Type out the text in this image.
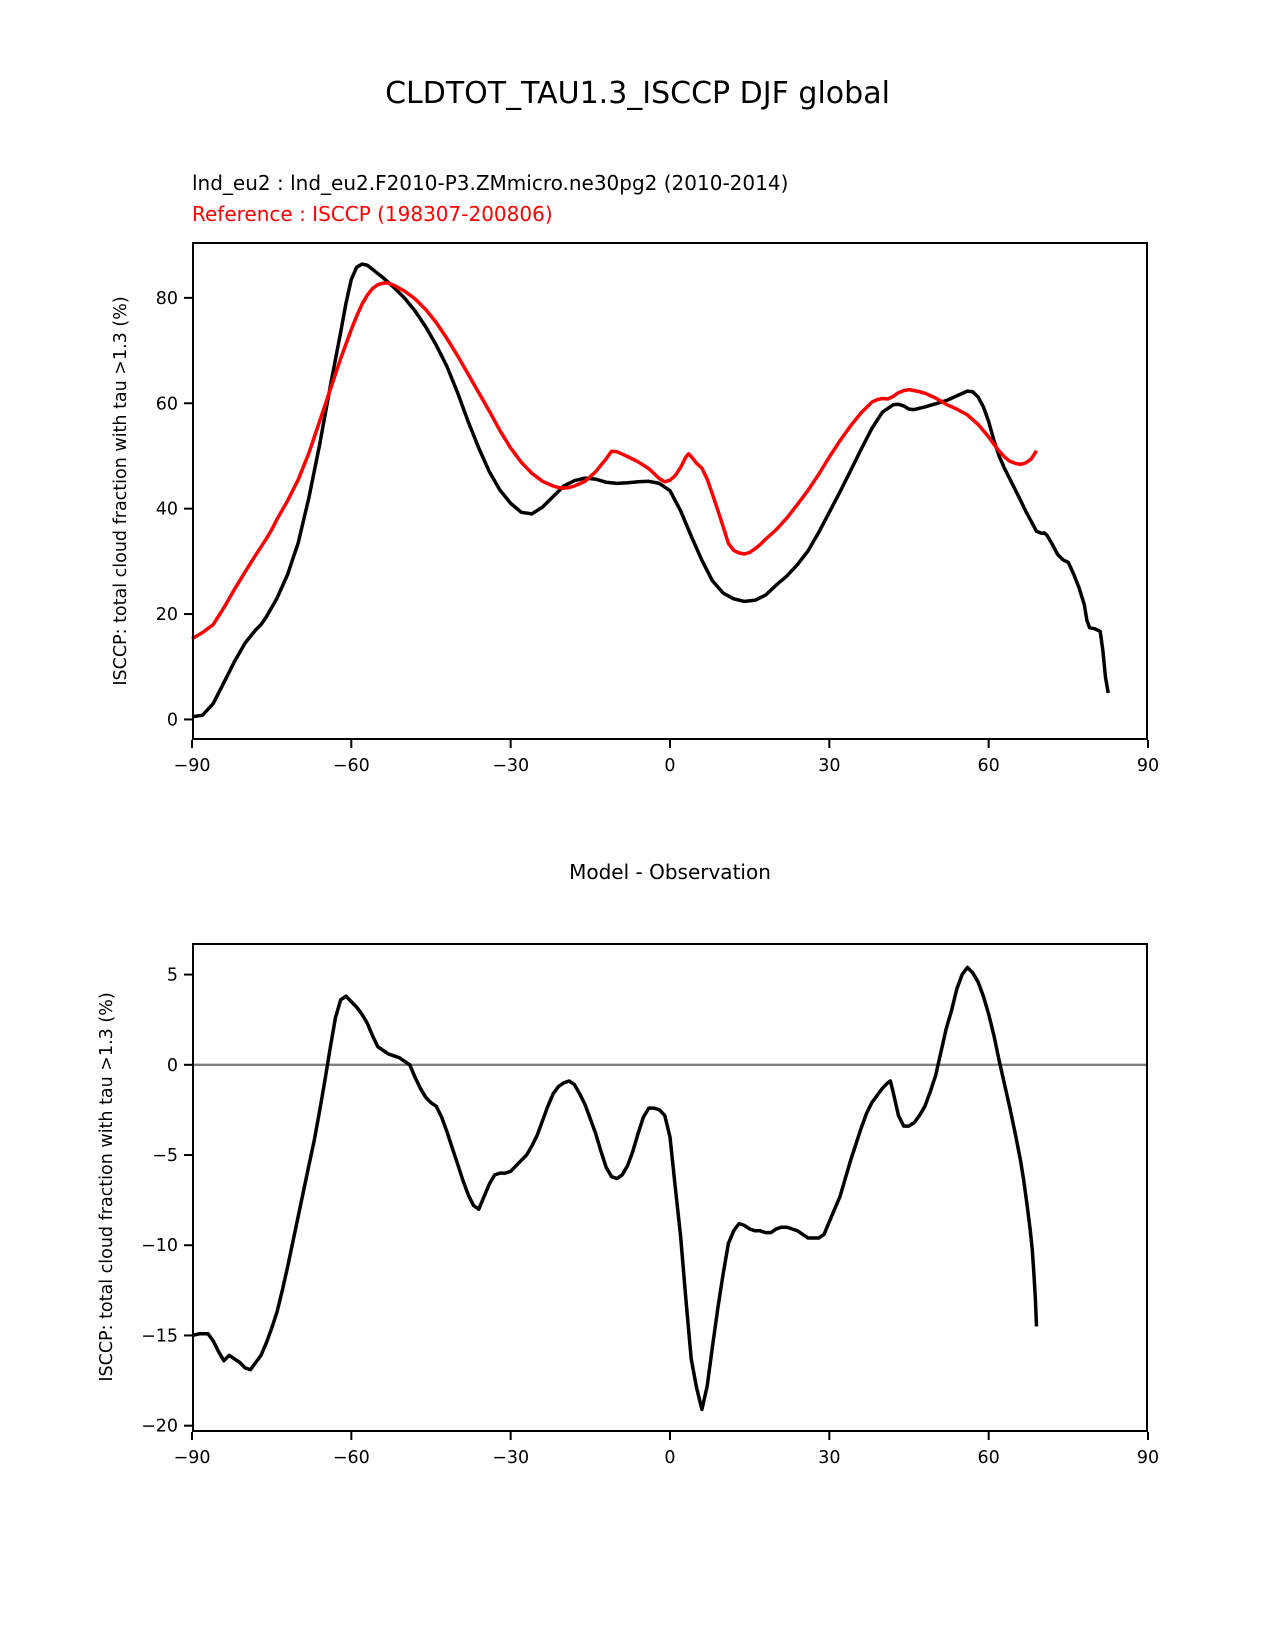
CLDTOT_TAU1.3_ISCCP DJF global
lnd_eu2 : lnd_eu2.F2010-P3.ZMmicro.ne30pg2 (2010-2014)
Reference : ISCCP (198307-200806)
ISCCP: total cloud fraction with tau >1.3 (%)
−90	−60	−30	0	30	60	90
0
20
40
60
80
Model - Observation
ISCCP: total cloud fraction with tau >1.3 (%)
−90	−60	−30	0	30	60	90
5
0
−5
−10
−15
−20
